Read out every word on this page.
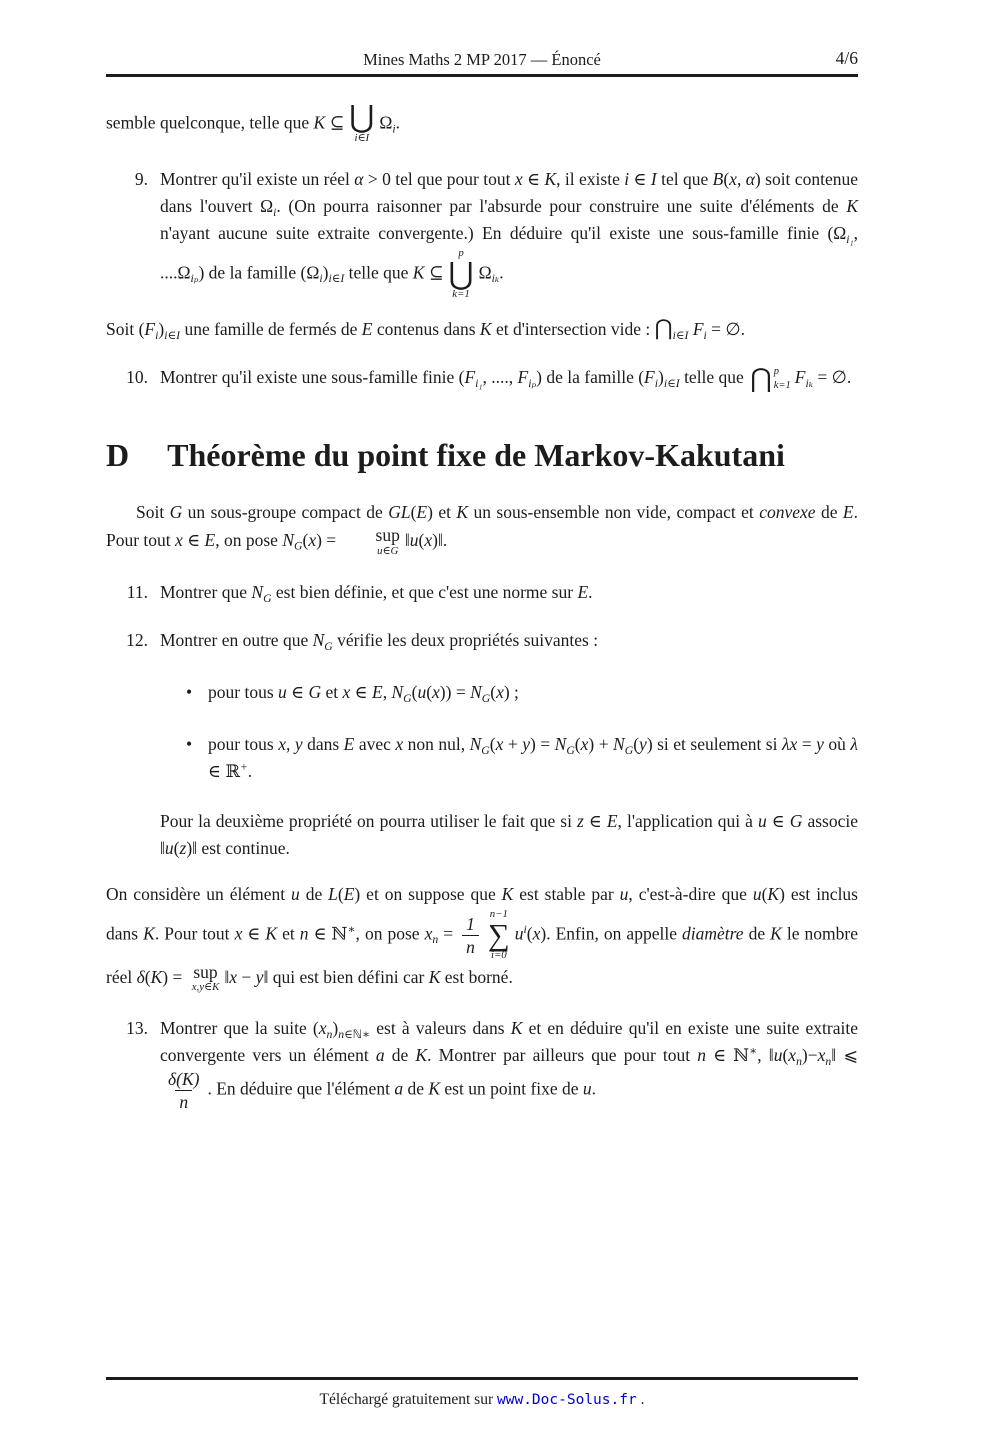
Mines Maths 2 MP 2017 — Énoncé	4/6

semble quelconque, telle que K ⊆ ⋃
i∈I
$\Omega_i$.

9. Montrer qu'il existe un réel α > 0 tel que pour tout x ∈ K, il existe i ∈ I tel que B(x, α) soit contenue dans l'ouvert $\Omega_i$. (On pourra raisonner par l'absurde pour construire une suite d'éléments de K n'ayant aucune suite extraite convergente.) En déduire qu'il existe une sous-famille finie ($\Omega_{i_1}$, $....\Omega_{i_p}$) de la famille $(\Omega_i)_{i\in I}$ telle que K ⊆
p
⋃
k=1
$\Omega_{i_k}$.

Soit $(F_i)_{i\in I}$ une famille de fermés de E contenus dans K et d'intersection vide : $⋂_{i\in I}$ $F_i$ = ∅.

10. Montrer qu'il existe une sous-famille finie ($F_{i_1}$, ...., $F_{i_p}$) de la famille $(F_i)_{i\in I}$ telle que ⋂ p
k=1 $F_{i_k}$ = ∅.
D Théorème du point fixe de Markov-Kakutani

Soit G un sous-groupe compact de GL(E) et K un sous-ensemble non vide, compact et convexe de E. Pour tout x ∈ E, on pose $N_G(x)$ =	sup
u∈G
‖u(x)‖.

11. Montrer que $N_G$ est bien définie, et que c'est une norme sur E.
12. Montrer en outre que $N_G$ vérifie les deux propriétés suivantes :
• pour tous u ∈ G et x ∈ E, $N_G(u(x)) = N_G(x)$ ;
• pour tous x, y dans E avec x non nul, $N_G(x + y) = N_G(x) + N_G(y)$ si et seulement si λx = y où λ ∈ ℝ+.

Pour la deuxième propriété on pourra utiliser le fait que si z ∈ E, l'application qui à u ∈ G associe ‖u(z)‖ est continue.

On considère un élément u de L(E) et on suppose que K est stable par u, c'est-à-dire que u(K) est inclus dans K. Pour tout x ∈ K et n ∈ ℕ∗, on pose $x_n = \frac{1}{n} n-1$
∑
i=0
$u^i(x)$. Enfin, on appelle diamètre de K le nombre réel δ(K) = sup
x,y∈K
‖x − y‖ qui est bien défini car K est borné.

13. Montrer que la suite $(x_n)_{n\in ℕ∗}$ est à valeurs dans K et en déduire qu'il en existe une suite extraite convergente vers un élément a de K. Montrer par ailleurs que pour tout n ∈ ℕ∗, $‖u(x_n)-x_n‖$ ⩽
$\frac{\delta(K)}{n}$ . En déduire que l'élément a de K est un point fixe de u.
Téléchargé gratuitement sur www.Doc-Solus.fr .
